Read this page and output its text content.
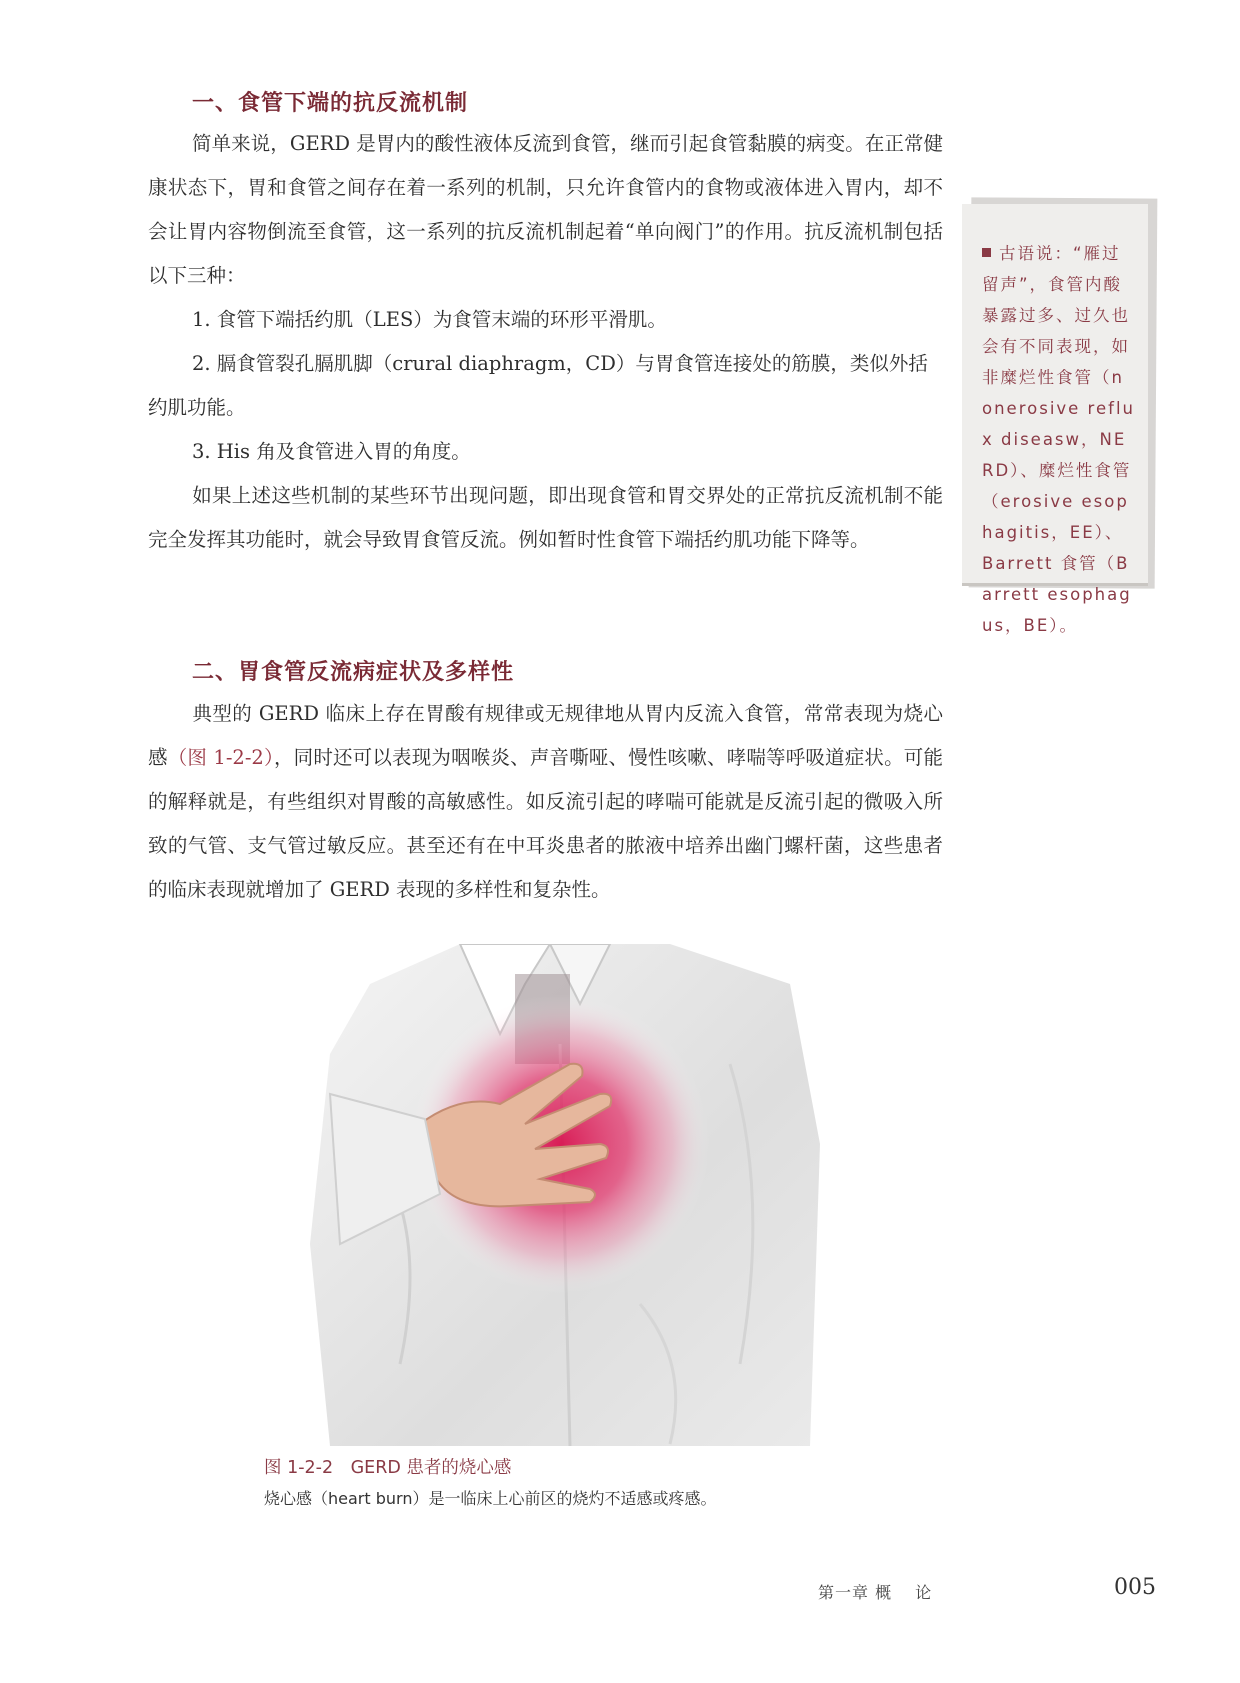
一、食管下端的抗反流机制

简单来说，GERD 是胃内的酸性液体反流到食管，继而引起食管黏膜的病变。在正常健康状态下，胃和食管之间存在着一系列的机制，只允许食管内的食物或液体进入胃内，却不会让胃内容物倒流至食管，这一系列的抗反流机制起着“单向阀门”的作用。抗反流机制包括以下三种：

1. 食管下端括约肌（LES）为食管末端的环形平滑肌。

2. 膈食管裂孔膈肌脚（crural diaphragm，CD）与胃食管连接处的筋膜，类似外括

约肌功能。

3. His 角及食管进入胃的角度。

如果上述这些机制的某些环节出现问题，即出现食管和胃交界处的正常抗反流机制不能完全发挥其功能时，就会导致胃食管反流。例如暂时性食管下端括约肌功能下降等。

二、胃食管反流病症状及多样性

典型的 GERD 临床上存在胃酸有规律或无规律地从胃内反流入食管，常常表现为烧心感（图 1-2-2），同时还可以表现为咽喉炎、声音嘶哑、慢性咳嗽、哮喘等呼吸道症状。可能的解释就是，有些组织对胃酸的高敏感性。如反流引起的哮喘可能就是反流引起的微吸入所致的气管、支气管过敏反应。甚至还有在中耳炎患者的脓液中培养出幽门螺杆菌，这些患者的临床表现就增加了 GERD 表现的多样性和复杂性。

古语说：“雁过留声”，食管内酸暴露过多、过久也会有不同表现，如非糜烂性食管（nonerosive reflux diseasw，NERD）、糜烂性食管（erosive esophagitis，EE）、Barrett 食管（Barrett esophagus，BE）。
图 1-2-2　GERD 患者的烧心感
烧心感（heart burn）是一临床上心前区的烧灼不适感或疼感。
第一章 概　 论	005
